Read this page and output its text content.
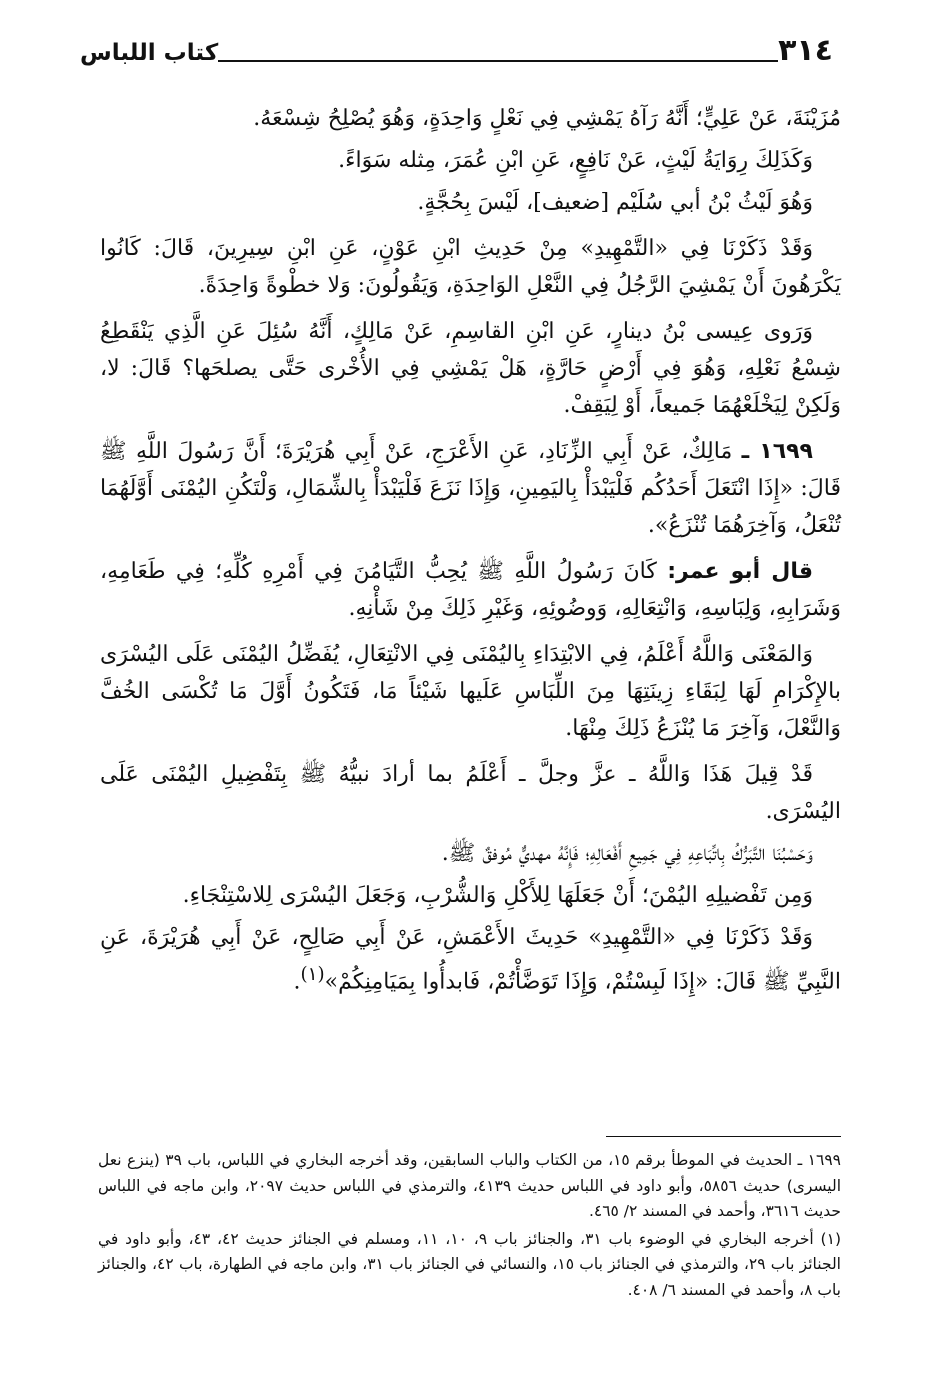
٣١٤
كتاب اللباس

مُزَيْنَةَ، عَنْ عَلِيٍّ؛ أَنَّهُ رَآهُ يَمْشِي فِي نَعْلٍ وَاحِدَةٍ، وَهُوَ يُصْلِحُ شِسْعَهُ.

وَكَذَلِكَ رِوَايَةُ لَيْثٍ، عَنْ نَافِعٍ، عَنِ ابْنِ عُمَرَ، مِثله سَوَاءً.

وَهُوَ لَيْثُ بْنُ أبي سُلَيْم [ضعيف]، لَيْسَ بِحُجَّةٍ.

وَقَدْ ذَكَرْنَا فِي «التَّمْهِيدِ» مِنْ حَدِيثِ ابْنِ عَوْنٍ، عَنِ ابْنِ سِيرِينَ، قَالَ: كَانُوا يَكْرَهُونَ أَنْ يَمْشِيَ الرَّجُلُ فِي النَّعْلِ الوَاحِدَةِ، وَيَقُولُونَ: وَلا خطْوةً وَاحِدَةً.

وَرَوى عِيسى بْنُ دينارٍ، عَنِ ابْنِ القاسِمِ، عَنْ مَالِكٍ، أَنَّهُ سُئِلَ عَنِ الَّذِي يَنْقَطِعُ شِسْعُ نَعْلِهِ، وَهُوَ فِي أَرْضٍ حَارَّةٍ، هَلْ يَمْشِي فِي الأُخْرى حَتَّى يصلحَها؟ قَالَ: لا، وَلَكِنْ لِيَخْلَعْهُمَا جَميعاً، أَوْ لِيَقِفْ.

١٦٩٩ ـ مَالِكٌ، عَنْ أَبِي الزِّنَادِ، عَنِ الأَعْرَجِ، عَنْ أَبِي هُرَيْرَةَ؛ أَنَّ رَسُولَ اللَّهِ ﷺ قَالَ: «إِذَا انْتَعَلَ أَحَدُكُم فَلْيَبْدَأْ بِاليَمِينِ، وَإِذَا نَزَعَ فَلْيَبْدَأْ بِالشِّمَالِ، وَلْتَكُنِ اليُمْنَى أَوَّلَهُمَا تُنْعَلُ، وَآخِرَهُمَا تُنْزَعُ».

قال أبو عمر: كَانَ رَسُولُ اللَّهِ ﷺ يُحِبُّ التَّيَامُنَ فِي أَمْرِهِ كُلِّهِ؛ فِي طَعَامِهِ، وَشَرَابِهِ، وَلِبَاسِهِ، وَانْتِعَالِهِ، وَوضُوئِهِ، وَغَيْرِ ذَلِكَ مِنْ شَأْنِهِ.

وَالمَعْنَى وَاللَّهُ أَعْلَمُ، فِي الابْتِدَاءِ بِاليُمْنَى فِي الانْتِعَالِ، يُفَضِّلُ اليُمْنَى عَلَى اليُسْرَى بالإِكْرَامِ لَهَا لِبَقَاءِ زِينَتِهَا مِنَ اللِّبَاسِ عَلَيها شَيْئاً مَا، فَتَكُونُ أَوَّلَ مَا تُكْسَى الخُفَّ وَالنَّعْلَ، وَآخِرَ مَا يُنْزَعُ ذَلِكَ مِنْهَا.

قَدْ قِيلَ هَذَا وَاللَّهُ ـ عزَّ وجلَّ ـ أَعْلَمُ بما أرادَ نبيُّهُ ﷺ بِتَفْضِيلِ اليُمْنَى عَلَى اليُسْرَى.

وَحَسْبُنَا التَّبَرُّكُ بِاتِّبَاعِهِ فِي جَمِيعِ أَفْعَالِهِ؛ فَإِنَّهُ مهديٌّ مُوفقٌ ﷺ.

وَمِن تَفْضيلِهِ اليُمْنَ؛ أَنْ جَعَلَهَا لِلأَكْلِ وَالشُّرْبِ، وَجَعَلَ اليُسْرَى لِلاسْتِنْجَاءِ.

وَقَدْ ذَكَرْنَا فِي «التَّمْهِيدِ» حَدِيثَ الأَعْمَشِ، عَنْ أَبِي صَالِحٍ، عَنْ أَبِي هُرَيْرَةَ، عَنِ النَّبِيِّ ﷺ قَالَ: «إِذَا لَبِسْتُمْ، وَإِذَا تَوَضَّأْتُمْ، فَابدأُوا بِمَيَامِنِكُمْ»$^{(١)}$.

١٦٩٩ ـ الحديث في الموطأ برقم ١٥، من الكتاب والباب السابقين، وقد أخرجه البخاري في اللباس، باب ٣٩ (ينزع نعل اليسرى) حديث ٥٨٥٦، وأبو داود في اللباس حديث ٤١٣٩، والترمذي في اللباس حديث ٢٠٩٧، وابن ماجه في اللباس حديث ٣٦١٦، وأحمد في المسند ٢/ ٤٦٥.

(١) أخرجه البخاري في الوضوء باب ٣١، والجنائز باب ٩، ١٠، ١١، ومسلم في الجنائز حديث ٤٢، ٤٣، وأبو داود في الجنائز باب ٢٩، والترمذي في الجنائز باب ١٥، والنسائي في الجنائز باب ٣١، وابن ماجه في الطهارة، باب ٤٢، والجنائز باب ٨، وأحمد في المسند ٦/ ٤٠٨.
